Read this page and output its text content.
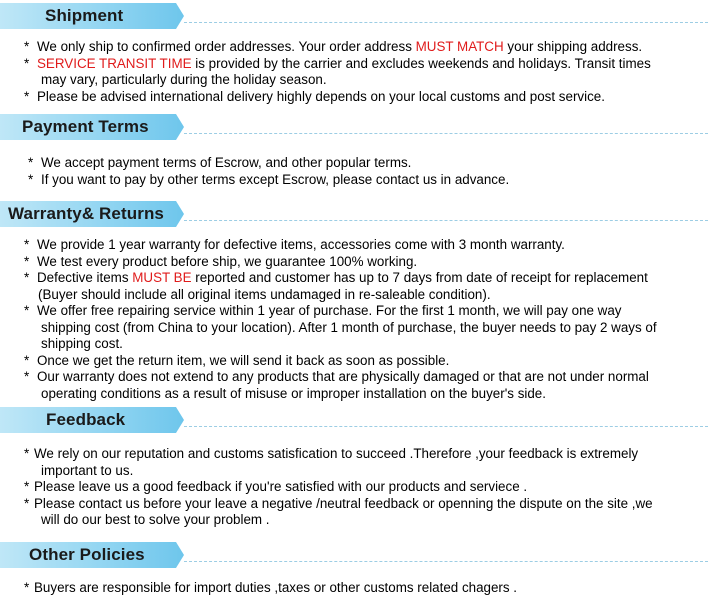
Shipment
* We only ship to confirmed order addresses. Your order address MUST MATCH your shipping address.
* SERVICE TRANSIT TIME is provided by the carrier and excludes weekends and holidays. Transit times
may vary, particularly during the holiday season.
* Please be advised international delivery highly depends on your local customs and post service.
Payment Terms
* We accept payment terms of Escrow, and other popular terms.
* If you want to pay by other terms except Escrow, please contact us in advance.
Warranty& Returns
* We provide 1 year warranty for defective items, accessories come with 3 month warranty.
* We test every product before ship, we guarantee 100% working.
* Defective items MUST BE reported and customer has up to 7 days from date of receipt for replacement
(Buyer should include all original items undamaged in re-saleable condition).
* We offer free repairing service within 1 year of purchase. For the first 1 month, we will pay one way
shipping cost (from China to your location). After 1 month of purchase, the buyer needs to pay 2 ways of
shipping cost.
* Once we get the return item, we will send it back as soon as possible.
* Our warranty does not extend to any products that are physically damaged or that are not under normal
operating conditions as a result of misuse or improper installation on the buyer's side.
Feedback
* We rely on our reputation and customs satisfication to succeed .Therefore ,your feedback is extremely
important to us.
* Please leave us a good feedback if you're satisfied with our products and serviece .
* Please contact us before your leave a negative /neutral feedback or openning the dispute on the site ,we
will do our best to solve your problem .
Other Policies
* Buyers are responsible for import duties ,taxes or other customs related chagers .
